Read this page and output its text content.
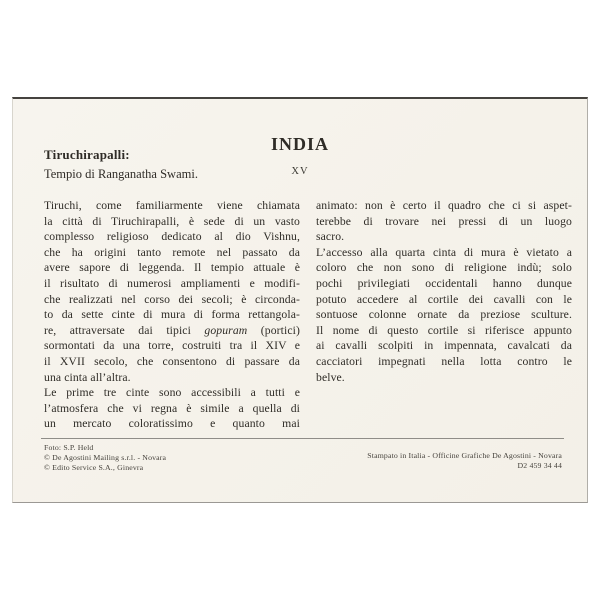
Tiruchirapalli:
Tempio di Ranganatha Swami.
INDIA
XV
Tiruchi, come familiarmente viene chiamata
la città di Tiruchirapalli, è sede di un vasto
complesso religioso dedicato al dio Vishnu,
che ha origini tanto remote nel passato da
avere sapore di leggenda. Il tempio attuale è
il risultato di numerosi ampliamenti e modifi-
che realizzati nel corso dei secoli; è circonda-
to da sette cinte di mura di forma rettangola-
re, attraversate dai tipici gopuram (portici)
sormontati da una torre, costruiti tra il XIV e
il XVII secolo, che consentono di passare da
una cinta all’altra.
Le prime tre cinte sono accessibili a tutti e
l’atmosfera che vi regna è simile a quella di
un mercato coloratissimo e quanto mai
animato: non è certo il quadro che ci si aspet-
terebbe di trovare nei pressi di un luogo
sacro.
L’accesso alla quarta cinta di mura è vietato a
coloro che non sono di religione indù; solo
pochi privilegiati occidentali hanno dunque
potuto accedere al cortile dei cavalli con le
sontuose colonne ornate da preziose sculture.
Il nome di questo cortile si riferisce appunto
ai cavalli scolpiti in impennata, cavalcati da
cacciatori impegnati nella lotta contro le
belve.
Foto: S.P. Held
© De Agostini Mailing s.r.l. - Novara
© Edito Service S.A., Ginevra
Stampato in Italia - Officine Grafiche De Agostini - Novara
D2 459 34 44
